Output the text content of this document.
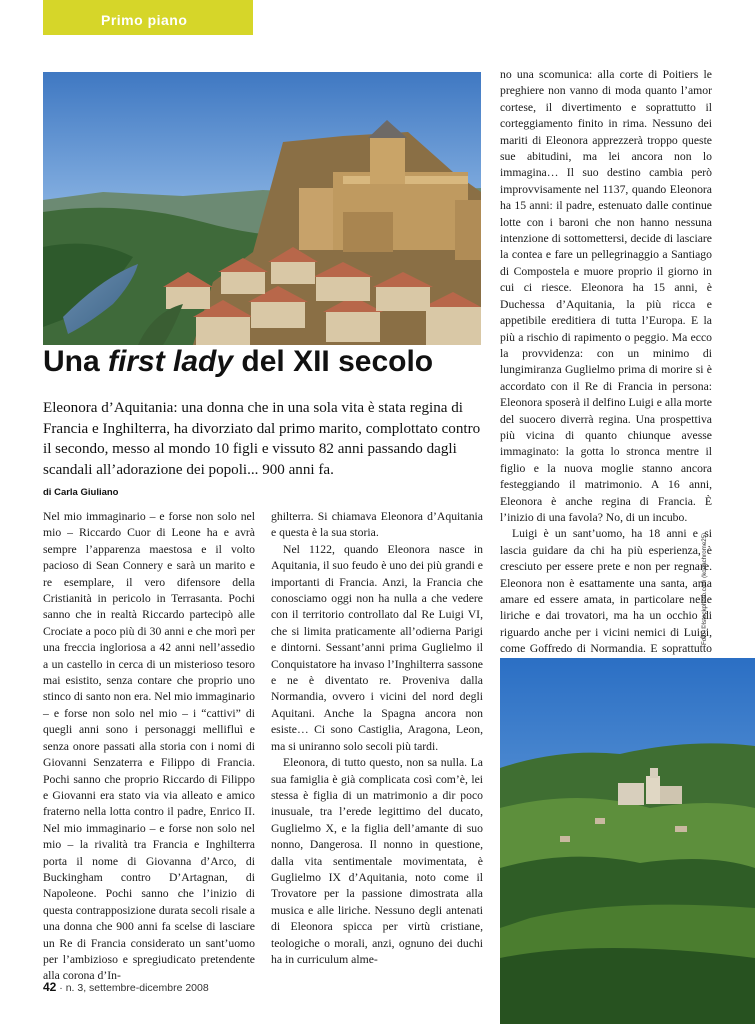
Primo piano
Una first lady del XII secolo
Eleonora d’Aquitania: una donna che in una sola vita è stata regina di Francia e Inghilterra, ha divorziato dal primo marito, complottato contro il secondo, messo al mondo 10 figli e vissuto 82 anni passando dagli scandali all’adorazione dei popoli... 900 anni fa.
di Carla Giuliano

Nel mio immaginario – e forse non solo nel mio – Riccardo Cuor di Leone ha e avrà sempre l’apparenza maestosa e il volto pacioso di Sean Connery e sarà un marito e re esemplare, il vero difensore della Cristianità in pericolo in Terrasanta. Pochi sanno che in realtà Riccardo partecipò alle Crociate a poco più di 30 anni e che morì per una freccia ingloriosa a 42 anni nell’assedio a un castello in cerca di un misterioso tesoro mai esistito, senza contare che proprio uno stinco di santo non era. Nel mio immaginario – e forse non solo nel mio – i “cattivi” di quegli anni sono i personaggi mellifluì e senza onore passati alla storia con i nomi di Giovanni Senzaterra e Filippo di Francia. Pochi sanno che proprio Riccardo di Filippo e Giovanni era stato via via alleato e amico fraterno nella lotta contro il padre, Enrico II. Nel mio immaginario – e forse non solo nel mio – la rivalità tra Francia e Inghilterra porta il nome di Giovanna d’Arco, di Buckingham contro D’Artagnan, di Napoleone. Pochi sanno che l’inizio di questa contrapposizione durata secoli risale a una donna che 900 anni fa scelse di lasciare un Re di Francia considerato un sant’uomo per l’ambizioso e spregiudicato pretendente alla corona d’In-

ghilterra. Si chiamava Eleonora d’Aquitania e questa è la sua storia.

Nel 1122, quando Eleonora nasce in Aquitania, il suo feudo è uno dei più grandi e importanti di Francia. Anzi, la Francia che conosciamo oggi non ha nulla a che vedere con il territorio controllato dal Re Luigi VI, che si limita praticamente all’odierna Parigi e dintorni. Sessant’anni prima Guglielmo il Conquistatore ha invaso l’Inghilterra sassone e ne è diventato re. Proveniva dalla Normandia, ovvero i vicini del nord degli Aquitani. Anche la Spagna ancora non esiste… Ci sono Castiglia, Aragona, Leon, ma si uniranno solo secoli più tardi.

Eleonora, di tutto questo, non sa nulla. La sua famiglia è già complicata così com’è, lei stessa è figlia di un matrimonio a dir poco inusuale, tra l’erede legittimo del ducato, Guglielmo X, e la figlia dell’amante di suo nonno, Dangerosa. Il nonno in questione, dalla vita sentimentale movimentata, è Guglielmo IX d’Aquitania, noto come il Trovatore per la passione dimostrata alla musica e alle liriche. Nessuno degli antenati di Eleonora spicca per virtù cristiane, teologiche o morali, anzi, ognuno dei duchi ha in curriculum alme-

no una scomunica: alla corte di Poitiers le preghiere non vanno di moda quanto l’amor cortese, il divertimento e soprattutto il corteggiamento finito in rima. Nessuno dei mariti di Eleonora apprezzerà troppo queste sue abitudini, ma lei ancora non lo immagina… Il suo destino cambia però improvvisamente nel 1137, quando Eleonora ha 15 anni: il padre, estenuato dalle continue lotte con i baroni che non hanno nessuna intenzione di sottomettersi, decide di lasciare la contea e fare un pellegrinaggio a Santiago di Compostela e muore proprio il giorno in cui ci riesce. Eleonora ha 15 anni, è Duchessa d’Aquitania, la più ricca e appetibile ereditiera di tutta l’Europa. E la più a rischio di rapimento o peggio. Ma ecco la provvidenza: con un minimo di lungimiranza Guglielmo prima di morire si è accordato con il Re di Francia in persona: Eleonora sposerà il delfino Luigi e alla morte del suocero diverrà regina. Una prospettiva più vicina di quanto chiunque avesse immaginato: la gotta lo stronca mentre il figlio e la nuova moglie stanno ancora festeggiando il matrimonio. A 16 anni, Eleonora è anche regina di Francia. È l’inizio di una favola? No, di un incubo.

Luigi è un sant’uomo, ha 18 anni e si lascia guidare da chi ha più esperienza, è cresciuto per essere prete e non per regnare. Eleonora non è esattamente una santa, ama amare ed essere amata, in particolare nelle liriche e dai trovatori, ma ha un occhio di riguardo anche per i vicini nemici di Luigi, come Goffredo di Normandia. E soprattutto

Foto: ©Istockphoto.com (kodachrome25)
42 · n. 3, settembre-dicembre 2008
